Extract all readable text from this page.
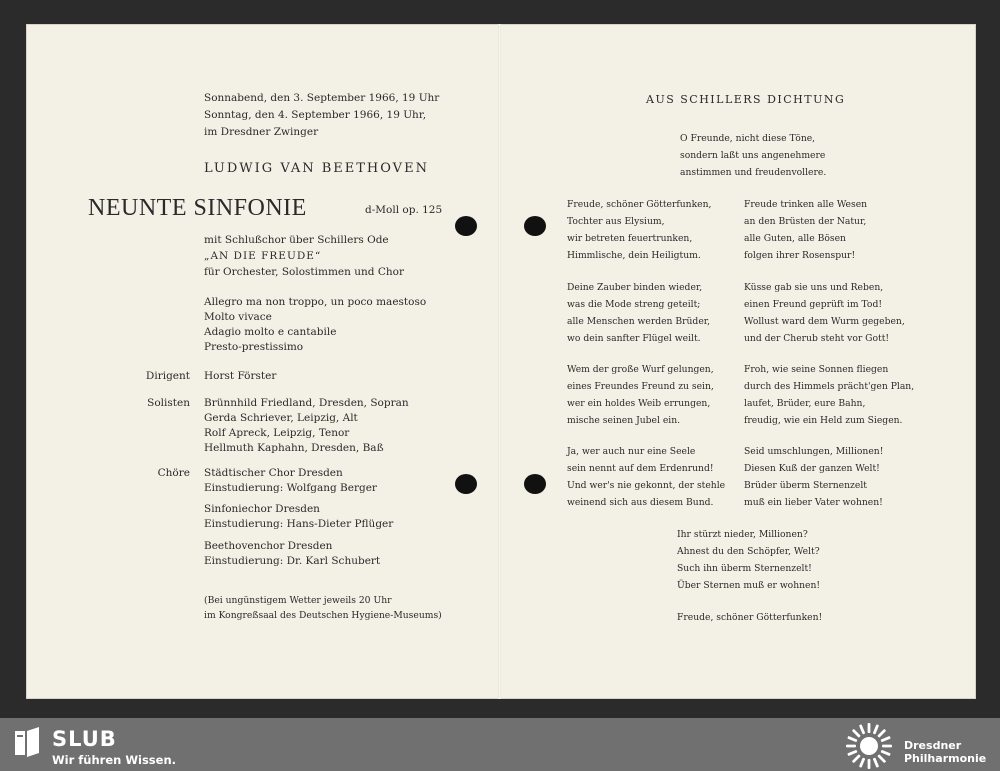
Sonnabend, den 3. September 1966, 19 Uhr
Sonntag, den 4. September 1966, 19 Uhr,
im Dresdner Zwinger
LUDWIG VAN BEETHOVEN
NEUNTE SINFONIE	d-Moll op. 125
mit Schlußchor über Schillers Ode
„AN DIE FREUDE“
für Orchester, Solostimmen und Chor
Allegro ma non troppo, un poco maestoso
Molto vivace
Adagio molto e cantabile
Presto-prestissimo
Dirigent Horst Förster
Solisten Brünnhild Friedland, Dresden, Sopran
Gerda Schriever, Leipzig, Alt
Rolf Apreck, Leipzig, Tenor
Hellmuth Kaphahn, Dresden, Baß
Chöre Städtischer Chor Dresden
Einstudierung: Wolfgang Berger
Sinfoniechor Dresden
Einstudierung: Hans-Dieter Pflüger
Beethovenchor Dresden
Einstudierung: Dr. Karl Schubert
(Bei ungünstigem Wetter jeweils 20 Uhr
im Kongreßsaal des Deutschen Hygiene-Museums)
AUS SCHILLERS DICHTUNG
O Freunde, nicht diese Töne,
sondern laßt uns angenehmere
anstimmen und freudenvollere.
Freude, schöner Götterfunken,
Tochter aus Elysium,
wir betreten feuertrunken,
Himmlische, dein Heiligtum.
Deine Zauber binden wieder,
was die Mode streng geteilt;
alle Menschen werden Brüder,
wo dein sanfter Flügel weilt.
Wem der große Wurf gelungen,
eines Freundes Freund zu sein,
wer ein holdes Weib errungen,
mische seinen Jubel ein.
Ja, wer auch nur eine Seele
sein nennt auf dem Erdenrund!
Und wer's nie gekonnt, der stehle
weinend sich aus diesem Bund.
Freude trinken alle Wesen
an den Brüsten der Natur,
alle Guten, alle Bösen
folgen ihrer Rosenspur!
Küsse gab sie uns und Reben,
einen Freund geprüft im Tod!
Wollust ward dem Wurm gegeben,
und der Cherub steht vor Gott!
Froh, wie seine Sonnen fliegen
durch des Himmels prächt'gen Plan,
laufet, Brüder, eure Bahn,
freudig, wie ein Held zum Siegen.
Seid umschlungen, Millionen!
Diesen Kuß der ganzen Welt!
Brüder überm Sternenzelt
muß ein lieber Vater wohnen!
Ihr stürzt nieder, Millionen?
Ahnest du den Schöpfer, Welt?
Such ihn überm Sternenzelt!
Über Sternen muß er wohnen!
Freude, schöner Götterfunken!
SLUB
Wir führen Wissen.
Dresdner
Philharmonie
